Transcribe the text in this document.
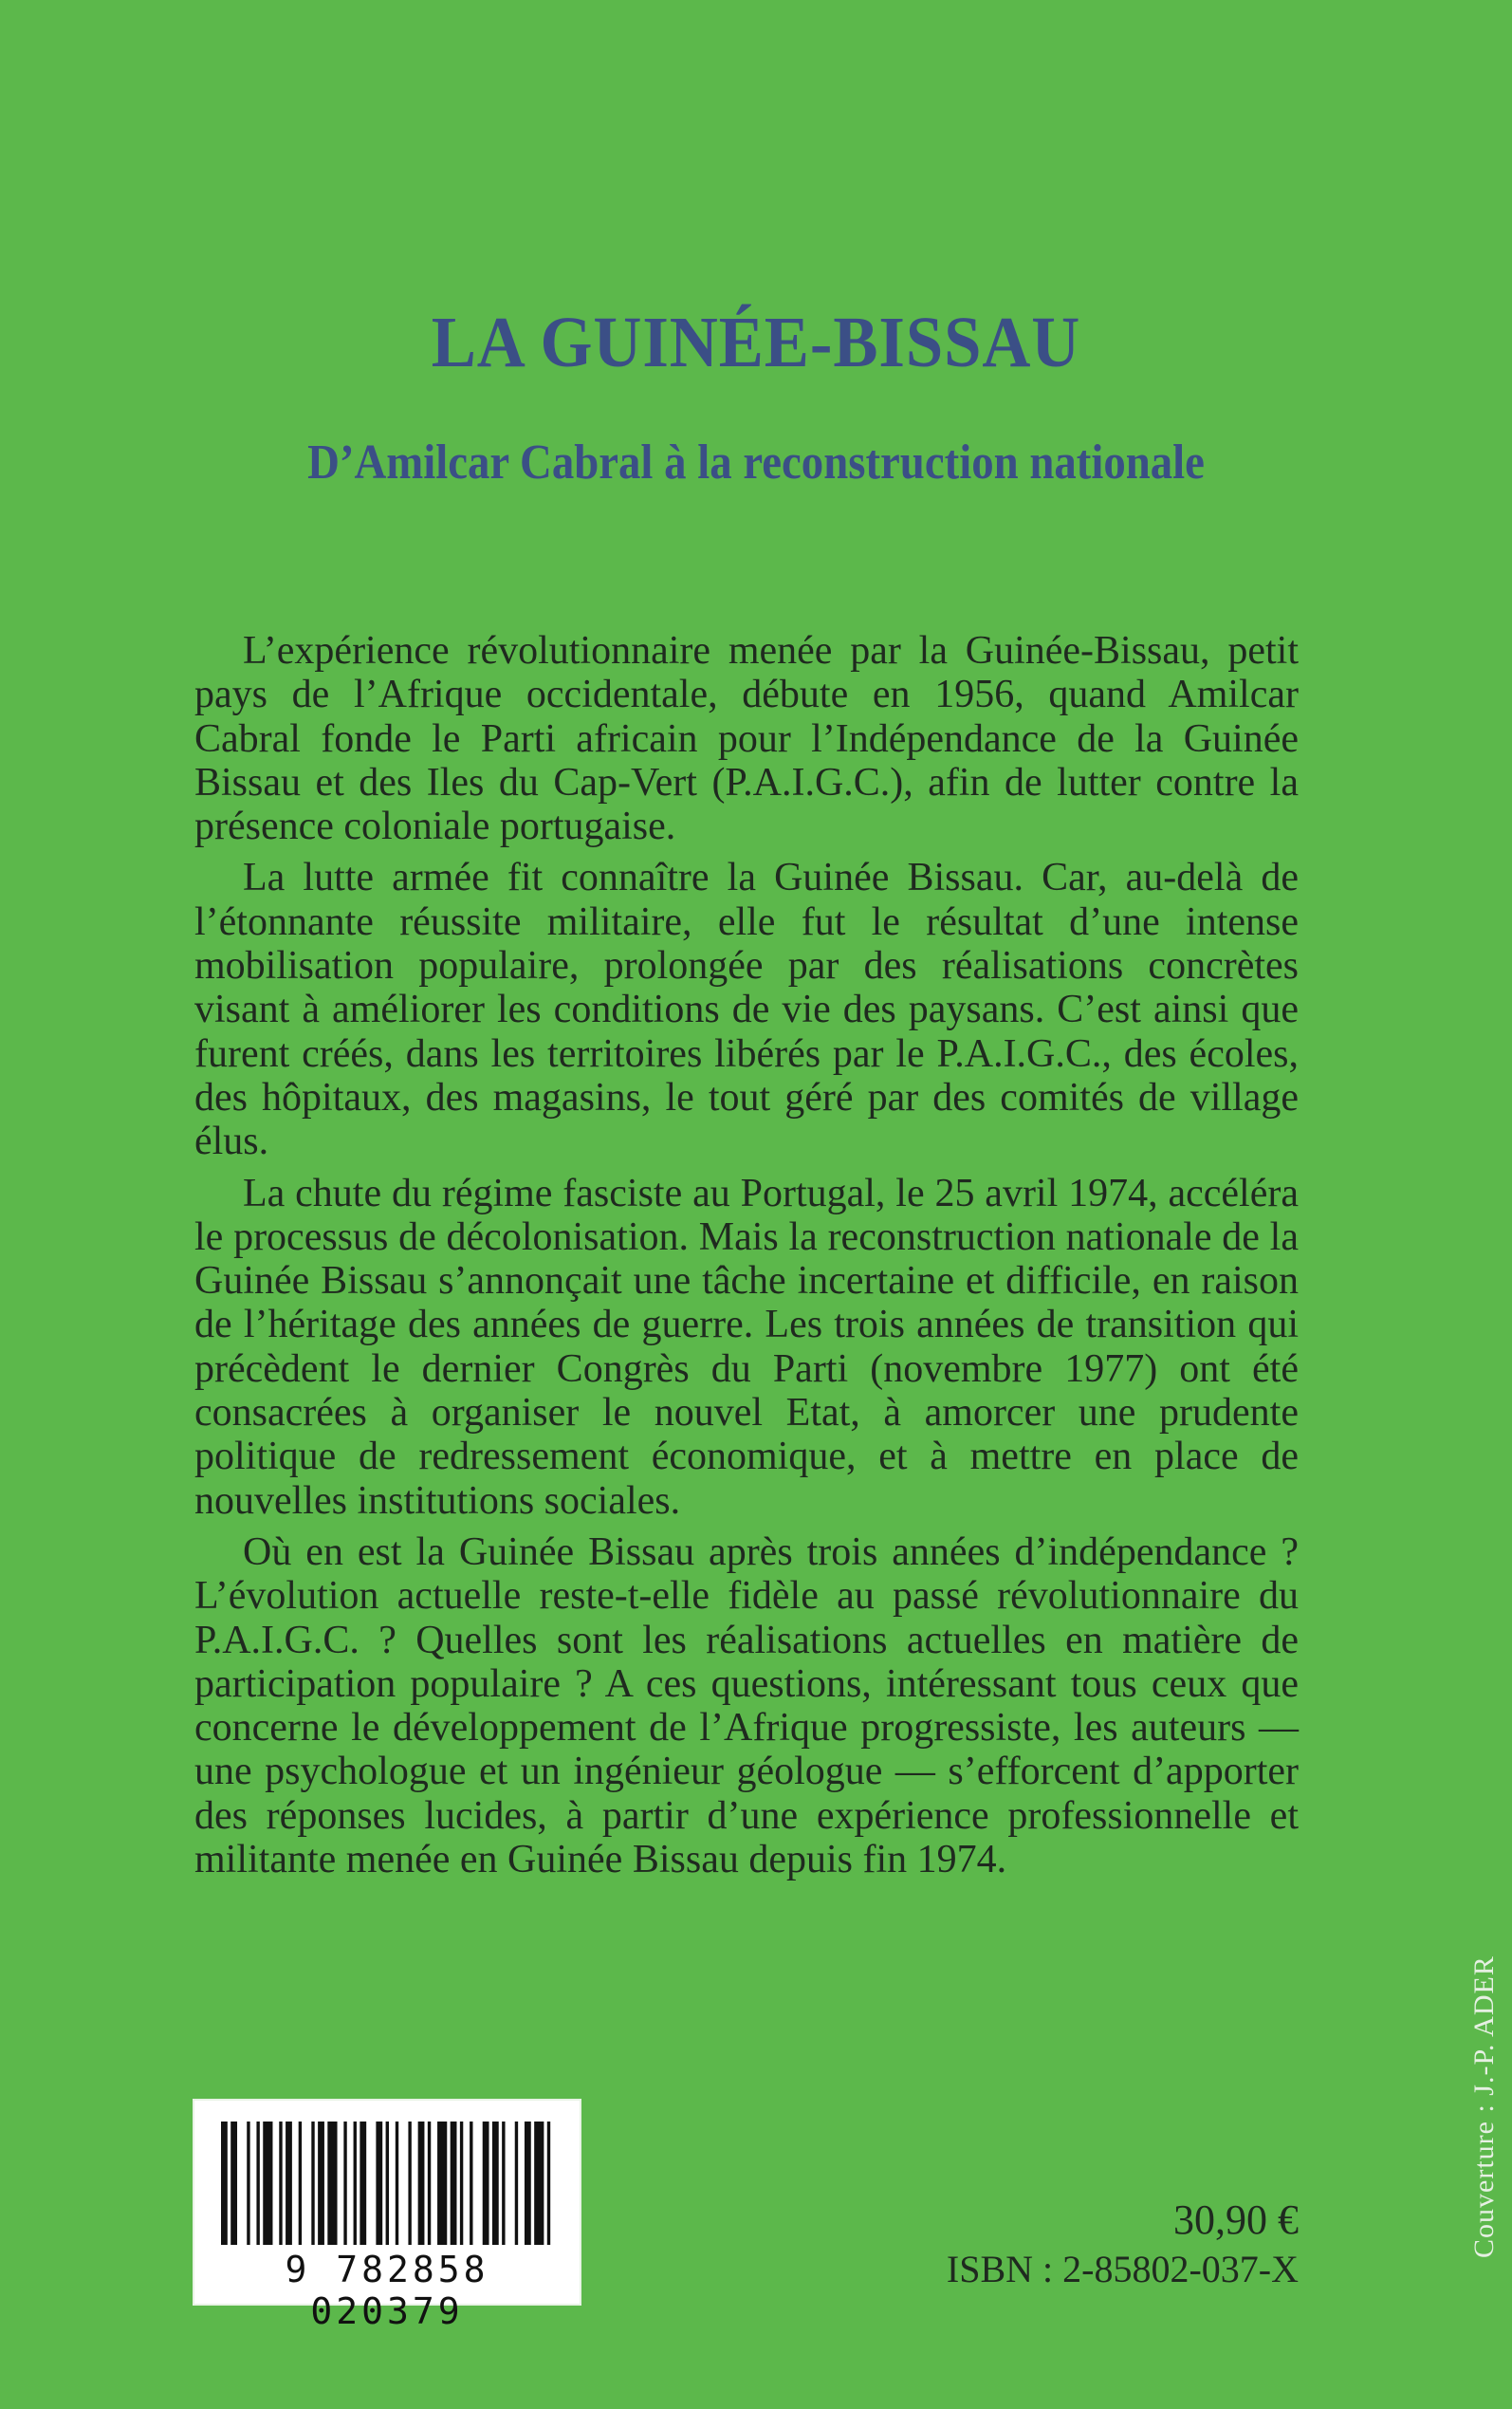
LA GUINÉE-BISSAU
D’Amilcar Cabral à la reconstruction nationale

L’expérience révolutionnaire menée par la Guinée-Bissau, petit pays de l’Afrique occidentale, débute en 1956, quand Amilcar Cabral fonde le Parti africain pour l’Indépendance de la Guinée Bissau et des Iles du Cap-Vert (P.A.I.G.C.), afin de lutter contre la présence coloniale portugaise.

La lutte armée fit connaître la Guinée Bissau. Car, au-delà de l’étonnante réussite militaire, elle fut le résultat d’une intense mobilisation populaire, prolongée par des réalisations concrètes visant à améliorer les conditions de vie des paysans. C’est ainsi que furent créés, dans les territoires libérés par le P.A.I.G.C., des écoles, des hôpitaux, des magasins, le tout géré par des comités de village élus.

La chute du régime fasciste au Portugal, le 25 avril 1974, accéléra le processus de décolonisation. Mais la reconstruction nationale de la Guinée Bissau s’annonçait une tâche incertaine et difficile, en raison de l’héritage des années de guerre. Les trois années de transition qui précèdent le dernier Congrès du Parti (novembre 1977) ont été consacrées à organiser le nouvel Etat, à amorcer une prudente politique de redressement économique, et à mettre en place de nouvelles institutions sociales.

Où en est la Guinée Bissau après trois années d’indépendance ? L’évolution actuelle reste-t-elle fidèle au passé révolutionnaire du P.A.I.G.C. ? Quelles sont les réalisations actuelles en matière de participation populaire ? A ces questions, intéressant tous ceux que concerne le développement de l’Afrique progressiste, les auteurs — une psychologue et un ingénieur géologue — s’efforcent d’apporter des réponses lucides, à partir d’une expérience professionnelle et militante menée en Guinée Bissau depuis fin 1974.

9 782858 020379
30,90 €
ISBN : 2-85802-037-X
Couverture : J.-P. ADER
